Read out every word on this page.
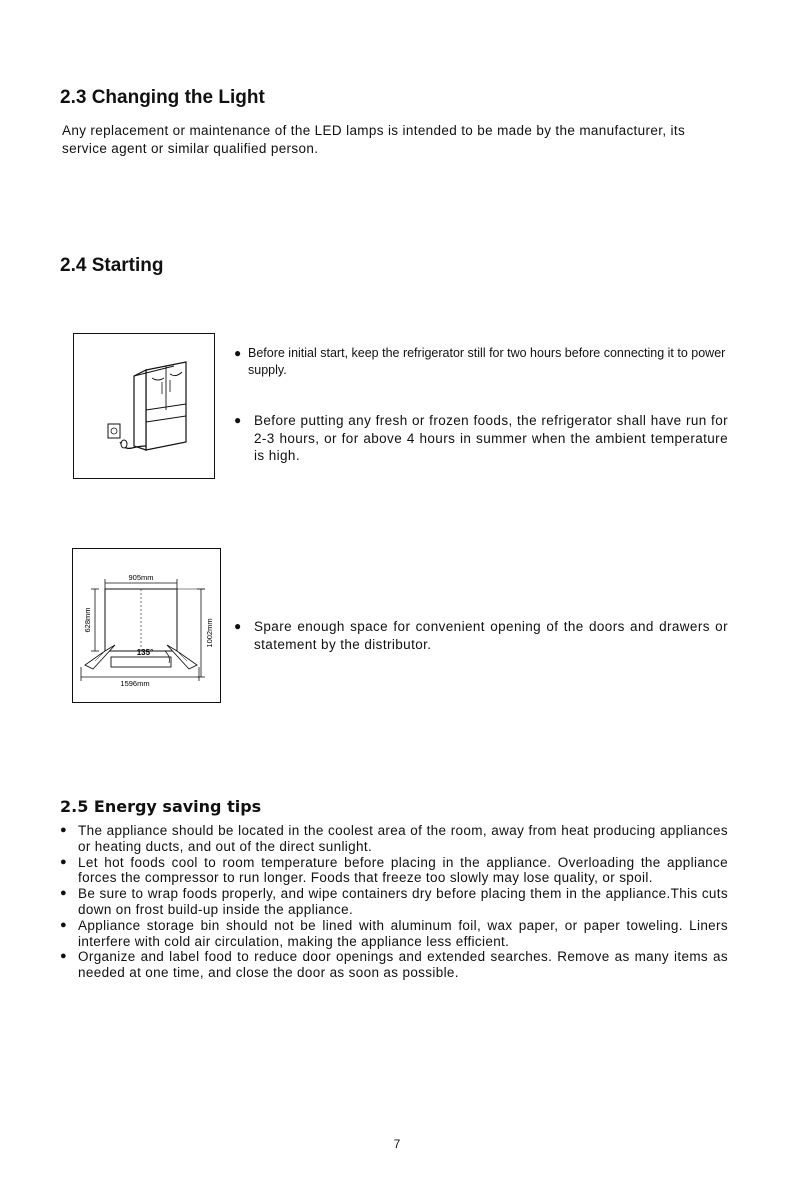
2.3 Changing the Light

Any replacement or maintenance of the LED lamps is intended to be made by the manufacturer, its service agent or similar qualified person.

2.4 Starting

● Before initial start, keep the refrigerator still for two hours before connecting it to power supply.

● Before putting any fresh or frozen foods, the refrigerator shall have run for 2-3 hours, or for above 4 hours in summer when the ambient temperature is high.

905mm
628mm	1002mm
135°
1596mm

● Spare enough space for convenient opening of the doors and drawers or statement by the distributor.

2.5 Energy saving tips

● The appliance should be located in the coolest area of the room, away from heat producing appliances or heating ducts, and out of the direct sunlight.

● Let hot foods cool to room temperature before placing in the appliance. Overloading the appliance forces the compressor to run longer. Foods that freeze too slowly may lose quality, or spoil.

● Be sure to wrap foods properly, and wipe containers dry before placing them in the appliance.This cuts down on frost build-up inside the appliance.

● Appliance storage bin should not be lined with aluminum foil, wax paper, or paper toweling. Liners interfere with cold air circulation, making the appliance less efficient.

● Organize and label food to reduce door openings and extended searches. Remove as many items as needed at one time, and close the door as soon as possible.

7
